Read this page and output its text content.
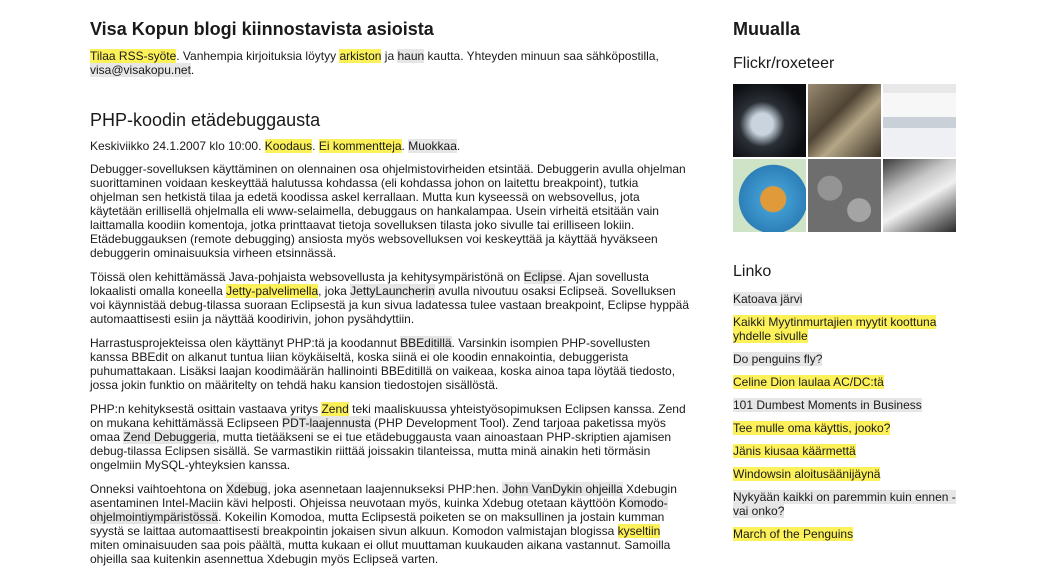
Visa Kopun blogi kiinnostavista asioista

Tilaa RSS-syöte. Vanhempia kirjoituksia löytyy arkiston ja haun kautta. Yhteyden minuun saa sähköpostilla, visa@visakopu.net.

PHP-koodin etädebuggausta

Keskiviikko 24.1.2007 klo 10:00. Koodaus. Ei kommentteja. Muokkaa.

Debugger-sovelluksen käyttäminen on olennainen osa ohjelmistovirheiden etsintää. Debuggerin avulla ohjelman suorittaminen voidaan keskeyttää halutussa kohdassa (eli kohdassa johon on laitettu breakpoint), tutkia ohjelman sen hetkistä tilaa ja edetä koodissa askel kerrallaan. Mutta kun kyseessä on websovellus, jota käytetään erillisellä ohjelmalla eli www-selaimella, debuggaus on hankalampaa. Usein virheitä etsitään vain laittamalla koodiin komentoja, jotka printtaavat tietoja sovelluksen tilasta joko sivulle tai erilliseen lokiin. Etädebuggauksen (remote debugging) ansiosta myös websovelluksen voi keskeyttää ja käyttää hyväkseen debuggerin ominaisuuksia virheen etsinnässä.

Töissä olen kehittämässä Java-pohjaista websovellusta ja kehitysympäristönä on Eclipse. Ajan sovellusta lokaalisti omalla koneella Jetty-palvelimella, joka JettyLauncherin avulla nivoutuu osaksi Eclipseä. Sovelluksen voi käynnistää debug-tilassa suoraan Eclipsestä ja kun sivua ladatessa tulee vastaan breakpoint, Eclipse hyppää automaattisesti esiin ja näyttää koodirivin, johon pysähdyttiin.

Harrastusprojekteissa olen käyttänyt PHP:tä ja koodannut BBEditillä. Varsinkin isompien PHP-sovellusten kanssa BBEdit on alkanut tuntua liian köykäiseltä, koska siinä ei ole koodin ennakointia, debuggerista puhumattakaan. Lisäksi laajan koodimäärän hallinointi BBEditillä on vaikeaa, koska ainoa tapa löytää tiedosto, jossa jokin funktio on määritelty on tehdä haku kansion tiedostojen sisällöstä.

PHP:n kehityksestä osittain vastaava yritys Zend teki maaliskuussa yhteistyösopimuksen Eclipsen kanssa. Zend on mukana kehittämässä Eclipseen PDT-laajennusta (PHP Development Tool). Zend tarjoaa paketissa myös omaa Zend Debuggeria, mutta tietääkseni se ei tue etädebuggausta vaan ainoastaan PHP-skriptien ajamisen debug-tilassa Eclipsen sisällä. Se varmastikin riittää joissakin tilanteissa, mutta minä ainakin heti törmäsin ongelmiin MySQL-yhteyksien kanssa.

Onneksi vaihtoehtona on Xdebug, joka asennetaan laajennukseksi PHP:hen. John VanDykin ohjeilla Xdebugin asentaminen Intel-Maciin kävi helposti. Ohjeissa neuvotaan myös, kuinka Xdebug otetaan käyttöön Komodo-ohjelmointiympäristössä. Kokeilin Komodoa, mutta Eclipsestä poiketen se on maksullinen ja jostain kumman syystä se laittaa automaattisesti breakpointin jokaisen sivun alkuun. Komodon valmistajan blogissa kyseltiin miten ominaisuuden saa pois päältä, mutta kukaan ei ollut muuttaman kuukauden aikana vastannut. Samoilla ohjeilla saa kuitenkin asennettua Xdebugin myös Eclipseä varten.

Muualla
Flickr/roxeteer
Linko
Katoava järvi
Kaikki Myytinmurtajien myytit koottuna yhdelle sivulle
Do penguins fly?
Celine Dion laulaa AC/DC:tä
101 Dumbest Moments in Business
Tee mulle oma käyttis, jooko?
Jänis kiusaa käärmettä
Windowsin aloitusäänijäynä
Nykyään kaikki on paremmin kuin ennen - vai onko?
March of the Penguins
